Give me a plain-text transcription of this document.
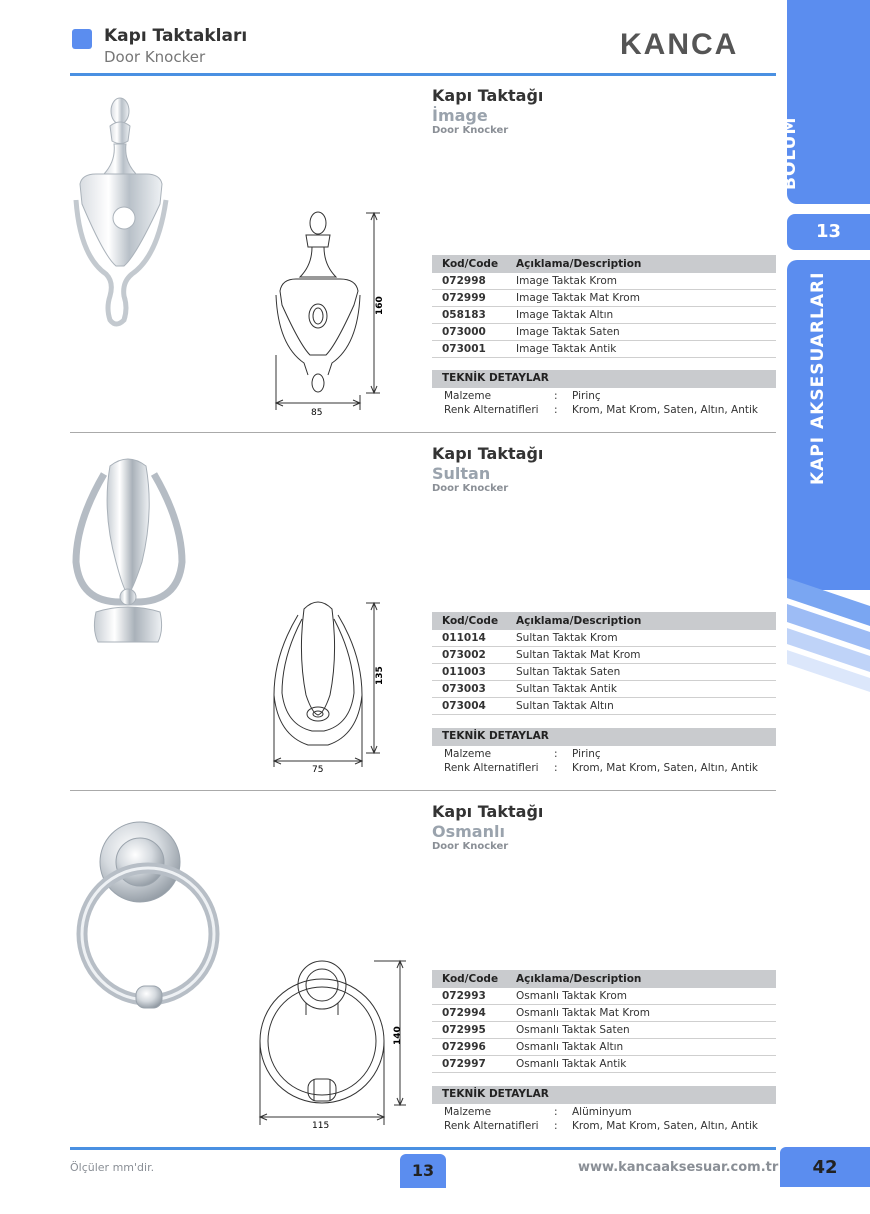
Kapı Taktakları
Door Knocker	KANCA
BÖLÜM
13
KAPI AKSESUARLARI
160
85
Kapı Taktağı
İmage
Door Knocker
Kod/Code	Açıklama/Description
072998	Image Taktak Krom
072999	Image Taktak Mat Krom
058183	Image Taktak Altın
073000	Image Taktak Saten
073001	Image Taktak Antik
TEKNİK DETAYLAR
Malzeme	: Pirinç
Renk Alternatifleri : Krom, Mat Krom, Saten, Altın, Antik
135
75
Kapı Taktağı
Sultan
Door Knocker
Kod/Code	Açıklama/Description
011014	Sultan Taktak Krom
073002	Sultan Taktak Mat Krom
011003	Sultan Taktak Saten
073003	Sultan Taktak Antik
073004	Sultan Taktak Altın
TEKNİK DETAYLAR
Malzeme	: Pirinç
Renk Alternatifleri : Krom, Mat Krom, Saten, Altın, Antik
140
115
Kapı Taktağı
Osmanlı
Door Knocker
Kod/Code	Açıklama/Description
072993	Osmanlı Taktak Krom
072994	Osmanlı Taktak Mat Krom
072995	Osmanlı Taktak Saten
072996	Osmanlı Taktak Altın
072997	Osmanlı Taktak Antik
TEKNİK DETAYLAR
Malzeme	: Alüminyum
Renk Alternatifleri : Krom, Mat Krom, Saten, Altın, Antik
Ölçüler mm'dir.	13	www.kancaaksesuar.com.tr	42
